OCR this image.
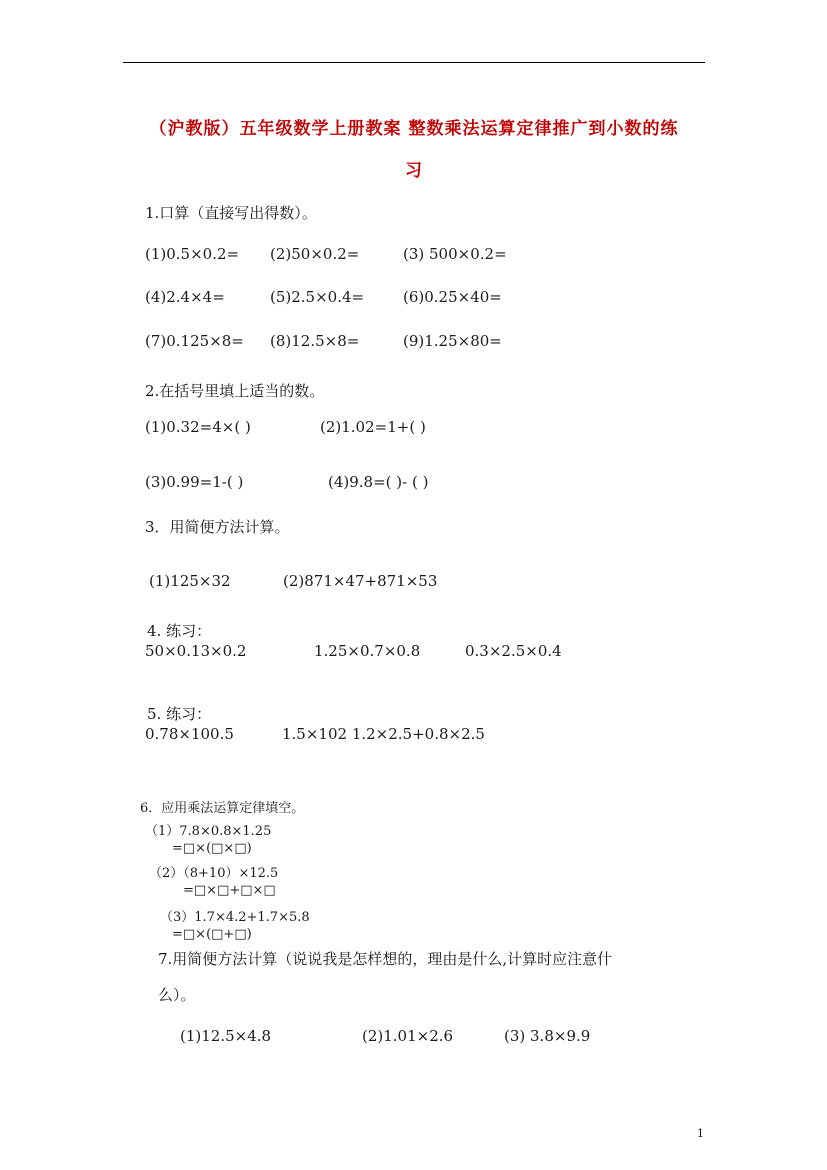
（沪教版）五年级数学上册教案 整数乘法运算定律推广到小数的练
习
1.口算（直接写出得数）。
(1)0.5×0.2= (2)50×0.2=	(3) 500×0.2=
(4)2.4×4=	(5)2.5×0.4=	(6)0.25×40=
(7)0.125×8= (8)12.5×8=	(9)1.25×80=
2.在括号里填上适当的数。
(1)0.32=4×( )	(2)1.02=1+( )
(3)0.99=1-( )	(4)9.8=( )- ( )
3．用简便方法计算。
(1)125×32	(2)871×47+871×53
4. 练习：
50×0.13×0.2	1.25×0.7×0.8	0.3×2.5×0.4
5. 练习：
0.78×100.5	1.5×102 1.2×2.5+0.8×2.5
6．应用乘法运算定律填空。
（1）7.8×0.8×1.25
=□×(□×□)
（2）（8+10）×12.5
=□×□+□×□
（3）1.7×4.2+1.7×5.8
=□×(□+□)
7.用简便方法计算（说说我是怎样想的，理由是什么,计算时应注意什
么）。
(1)12.5×4.8	(2)1.01×2.6	(3) 3.8×9.9
1
